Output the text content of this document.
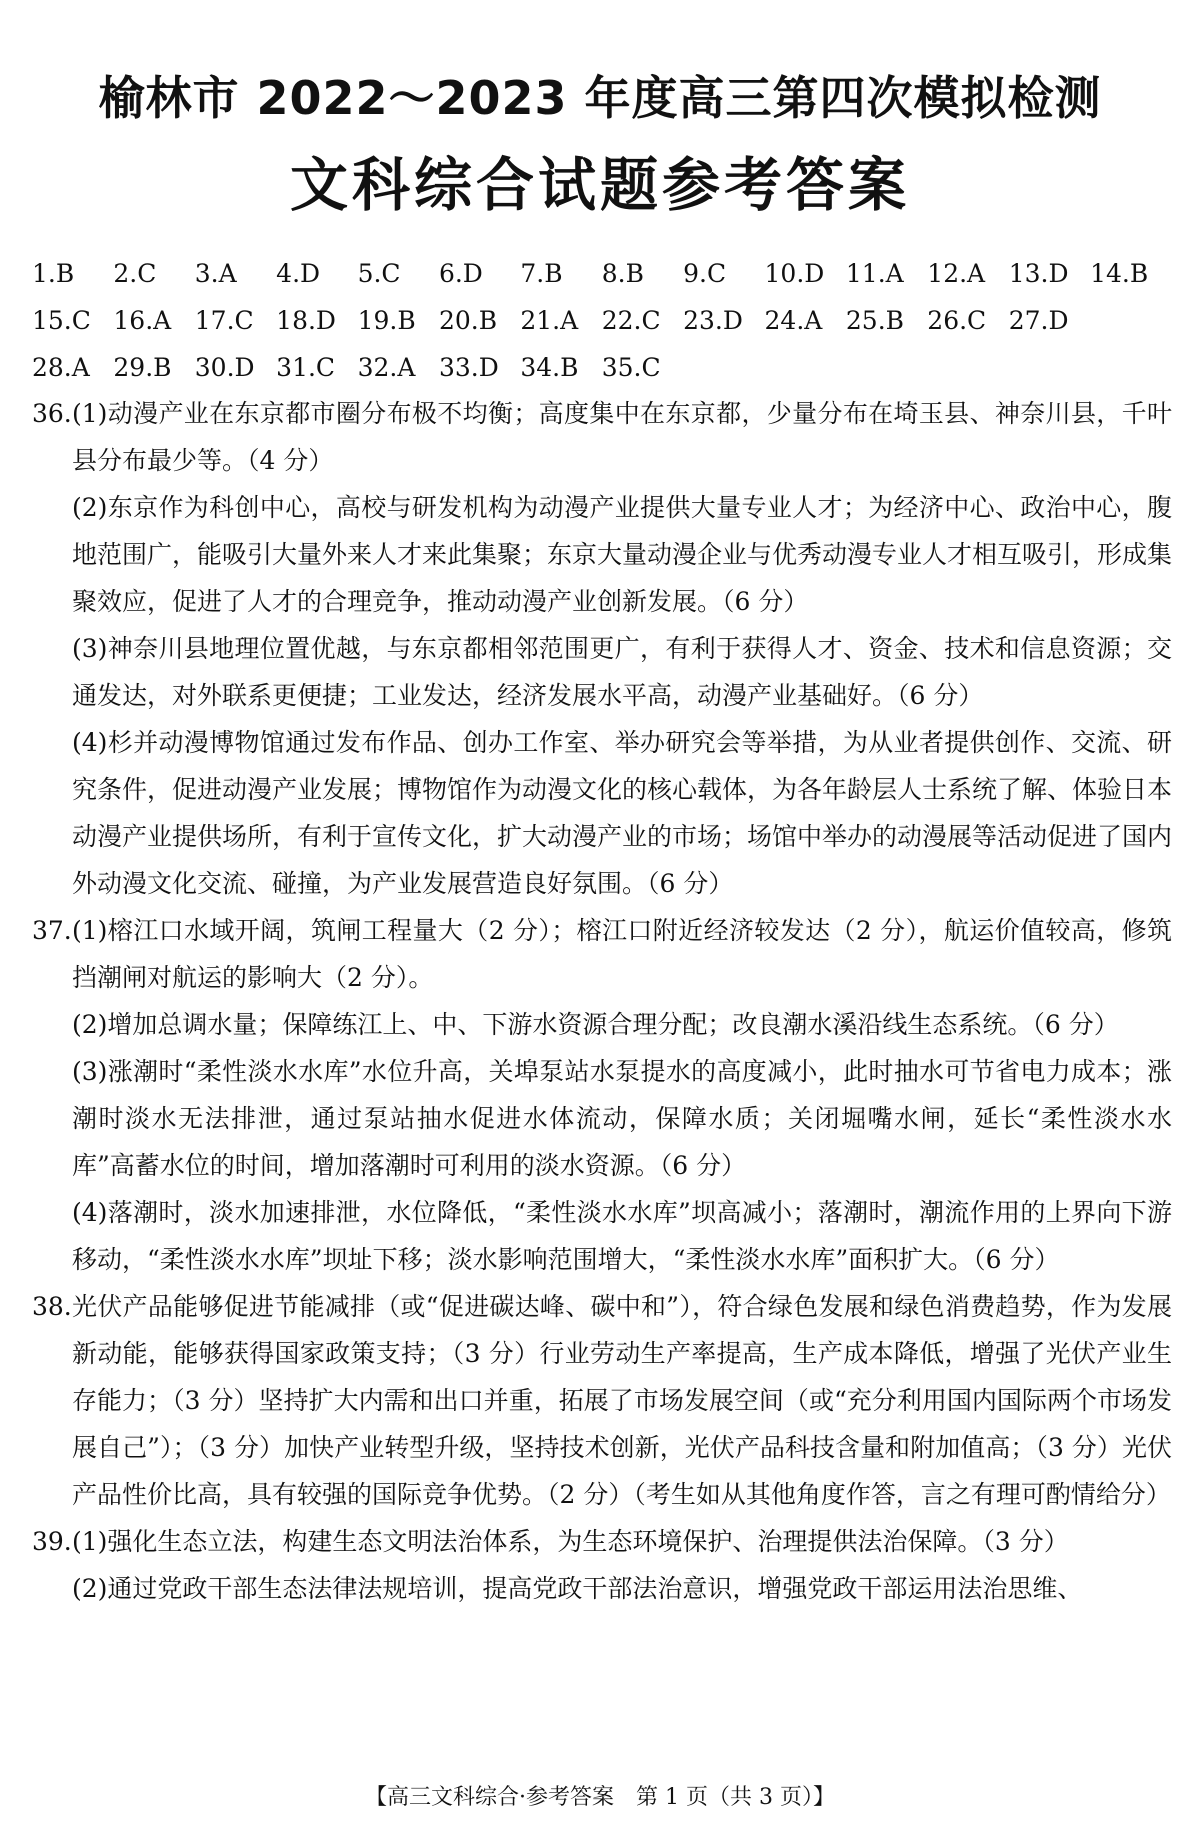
榆林市 2022～2023 年度高三第四次模拟检测
文科综合试题参考答案
1.B	2.C	3.A	4.D	5.C	6.D	7.B	8.B	9.C	10.D 11.A 12.A 13.D 14.B
15.C 16.A 17.C 18.D 19.B 20.B 21.A 22.C 23.D 24.A 25.B 26.C 27.D
28.A 29.B 30.D 31.C 32.A 33.D 34.B 35.C
36. (1)动漫产业在东京都市圈分布极不均衡；高度集中在东京都，少量分布在埼玉县、神奈川县，千叶县分布最少等。（4 分）
(2)东京作为科创中心，高校与研发机构为动漫产业提供大量专业人才；为经济中心、政治中心，腹地范围广，能吸引大量外来人才来此集聚；东京大量动漫企业与优秀动漫专业人才相互吸引，形成集聚效应，促进了人才的合理竞争，推动动漫产业创新发展。（6 分）
(3)神奈川县地理位置优越，与东京都相邻范围更广，有利于获得人才、资金、技术和信息资源；交通发达，对外联系更便捷；工业发达，经济发展水平高，动漫产业基础好。（6 分）
(4)杉并动漫博物馆通过发布作品、创办工作室、举办研究会等举措，为从业者提供创作、交流、研究条件，促进动漫产业发展；博物馆作为动漫文化的核心载体，为各年龄层人士系统了解、体验日本动漫产业提供场所，有利于宣传文化，扩大动漫产业的市场；场馆中举办的动漫展等活动促进了国内外动漫文化交流、碰撞，为产业发展营造良好氛围。（6 分）
37. (1)榕江口水域开阔，筑闸工程量大（2 分）；榕江口附近经济较发达（2 分），航运价值较高，修筑挡潮闸对航运的影响大（2 分）。
(2)增加总调水量；保障练江上、中、下游水资源合理分配；改良潮水溪沿线生态系统。（6 分）
(3)涨潮时“柔性淡水水库”水位升高，关埠泵站水泵提水的高度减小，此时抽水可节省电力成本；涨潮时淡水无法排泄，通过泵站抽水促进水体流动，保障水质；关闭堀嘴水闸，延长“柔性淡水水库”高蓄水位的时间，增加落潮时可利用的淡水资源。（6 分）
(4)落潮时，淡水加速排泄，水位降低，“柔性淡水水库”坝高减小；落潮时，潮流作用的上界向下游移动，“柔性淡水水库”坝址下移；淡水影响范围增大，“柔性淡水水库”面积扩大。（6 分）
38. 光伏产品能够促进节能减排（或“促进碳达峰、碳中和”），符合绿色发展和绿色消费趋势，作为发展新动能，能够获得国家政策支持；（3 分）行业劳动生产率提高，生产成本降低，增强了光伏产业生存能力；（3 分）坚持扩大内需和出口并重，拓展了市场发展空间（或“充分利用国内国际两个市场发展自己”）；（3 分）加快产业转型升级，坚持技术创新，光伏产品科技含量和附加值高；（3 分）光伏产品性价比高，具有较强的国际竞争优势。（2 分）（考生如从其他角度作答，言之有理可酌情给分）
39. (1)强化生态立法，构建生态文明法治体系，为生态环境保护、治理提供法治保障。（3 分）
(2)通过党政干部生态法律法规培训，提高党政干部法治意识，增强党政干部运用法治思维、
【高三文科综合·参考答案　第 1 页（共 3 页）】
